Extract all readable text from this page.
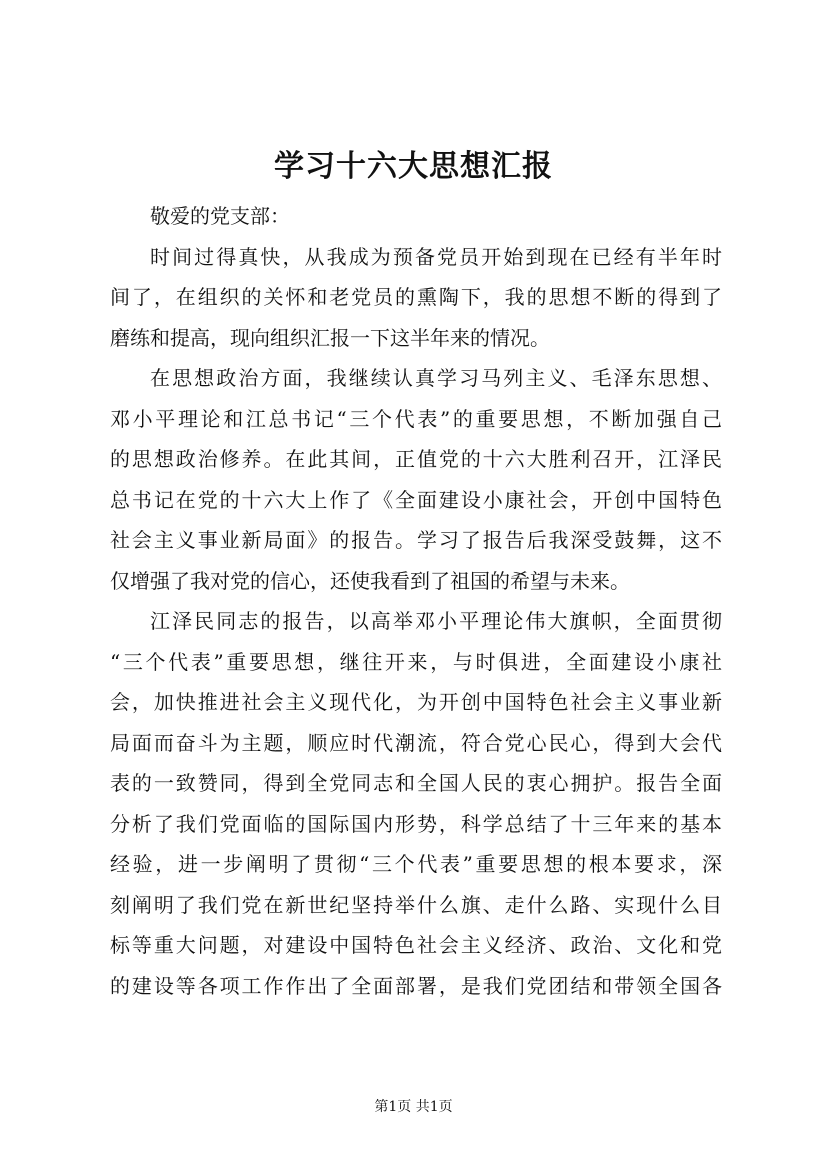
学习十六大思想汇报
敬爱的党支部：
时间过得真快，从我成为预备党员开始到现在已经有半年时
间了，在组织的关怀和老党员的熏陶下，我的思想不断的得到了
磨练和提高，现向组织汇报一下这半年来的情况。
在思想政治方面，我继续认真学习马列主义、毛泽东思想、
邓小平理论和江总书记“三个代表”的重要思想，不断加强自己
的思想政治修养。在此其间，正值党的十六大胜利召开，江泽民
总书记在党的十六大上作了《全面建设小康社会，开创中国特色
社会主义事业新局面》的报告。学习了报告后我深受鼓舞，这不
仅增强了我对党的信心，还使我看到了祖国的希望与未来。
江泽民同志的报告，以高举邓小平理论伟大旗帜，全面贯彻
“三个代表”重要思想，继往开来，与时俱进，全面建设小康社
会，加快推进社会主义现代化，为开创中国特色社会主义事业新
局面而奋斗为主题，顺应时代潮流，符合党心民心，得到大会代
表的一致赞同，得到全党同志和全国人民的衷心拥护。报告全面
分析了我们党面临的国际国内形势，科学总结了十三年来的基本
经验，进一步阐明了贯彻“三个代表”重要思想的根本要求，深
刻阐明了我们党在新世纪坚持举什么旗、走什么路、实现什么目
标等重大问题，对建设中国特色社会主义经济、政治、文化和党
的建设等各项工作作出了全面部署，是我们党团结和带领全国各
第1页 共1页
